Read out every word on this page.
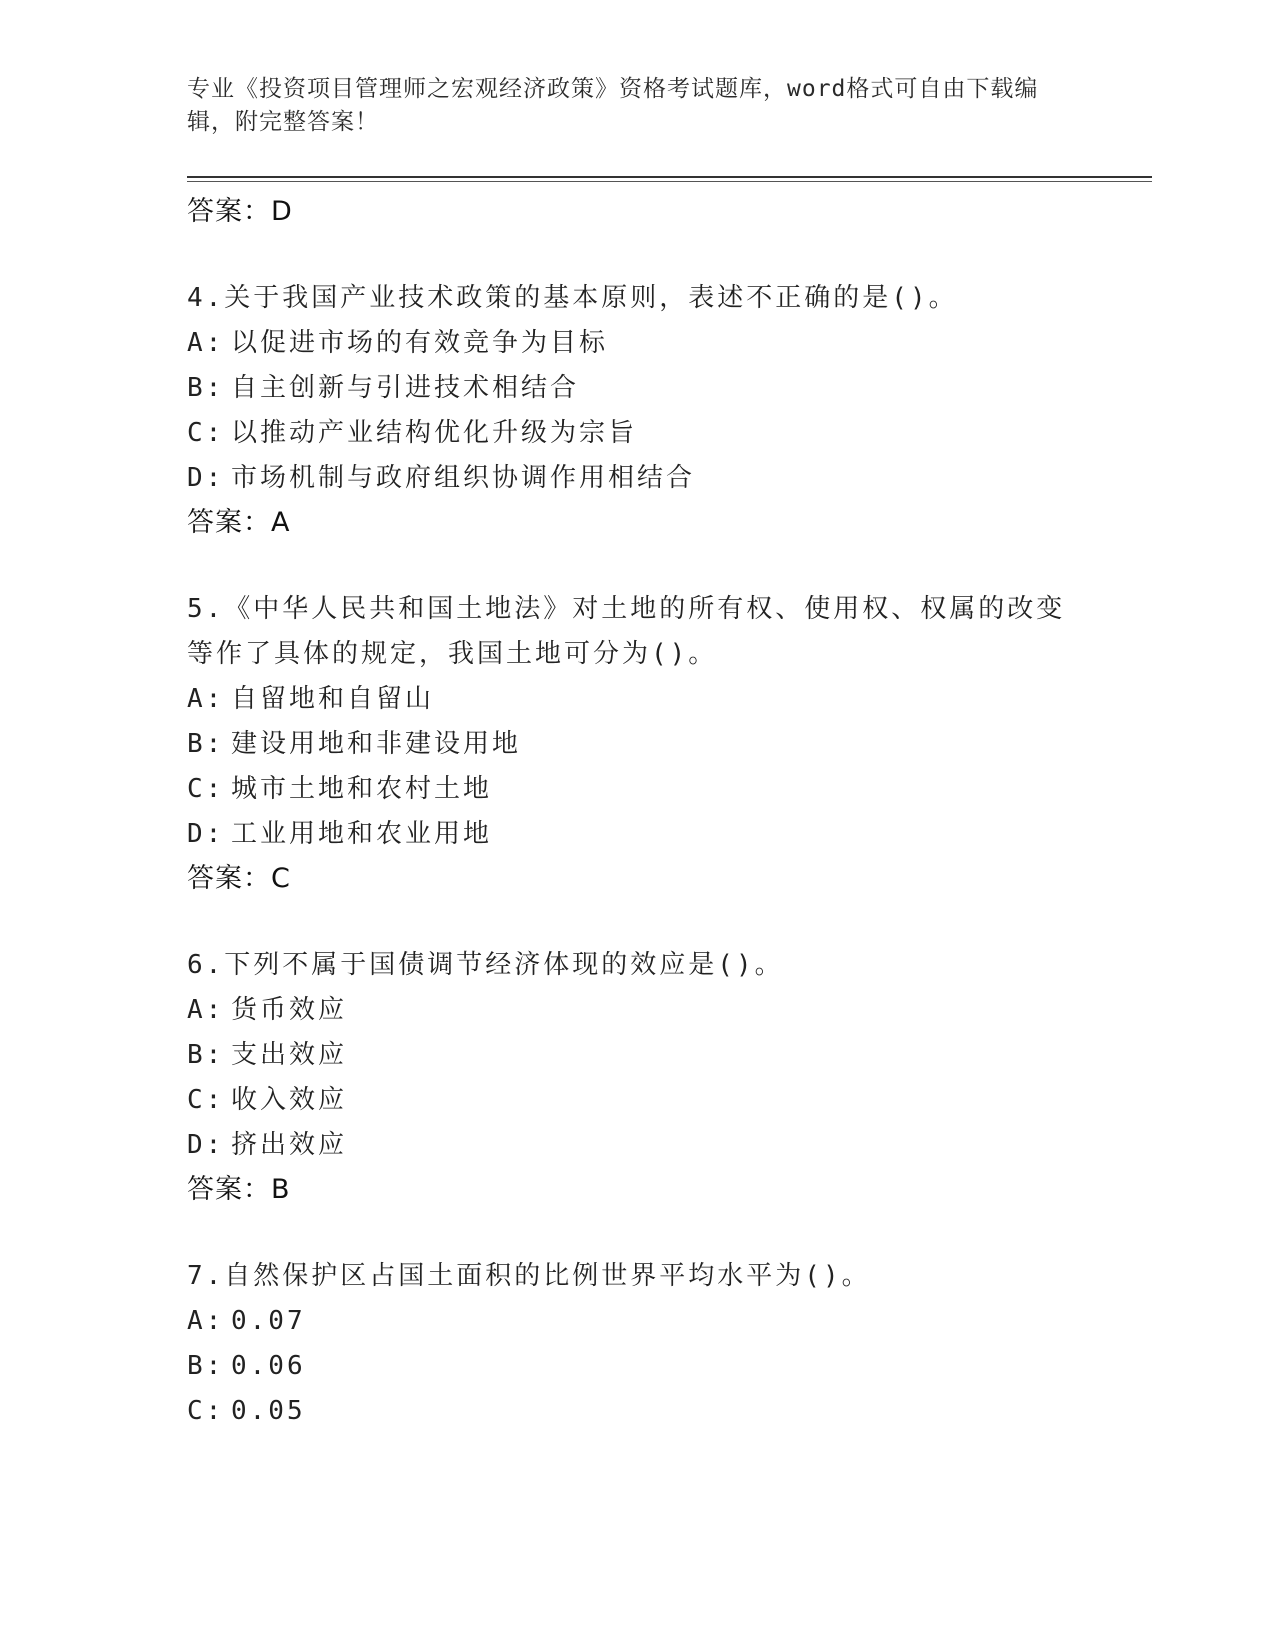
专业《投资项目管理师之宏观经济政策》资格考试题库，word格式可自由下载编辑，附完整答案！
答案：D
4.关于我国产业技术政策的基本原则，表述不正确的是()。
A: 以促进市场的有效竞争为目标
B: 自主创新与引进技术相结合
C: 以推动产业结构优化升级为宗旨
D: 市场机制与政府组织协调作用相结合
答案：A
5.《中华人民共和国土地法》对土地的所有权、使用权、权属的改变等作了具体的规定，我国土地可分为()。
A: 自留地和自留山
B: 建设用地和非建设用地
C: 城市土地和农村土地
D: 工业用地和农业用地
答案：C
6.下列不属于国债调节经济体现的效应是()。
A: 货币效应
B: 支出效应
C: 收入效应
D: 挤出效应
答案：B
7.自然保护区占国土面积的比例世界平均水平为()。
A: 0.07
B: 0.06
C: 0.05
